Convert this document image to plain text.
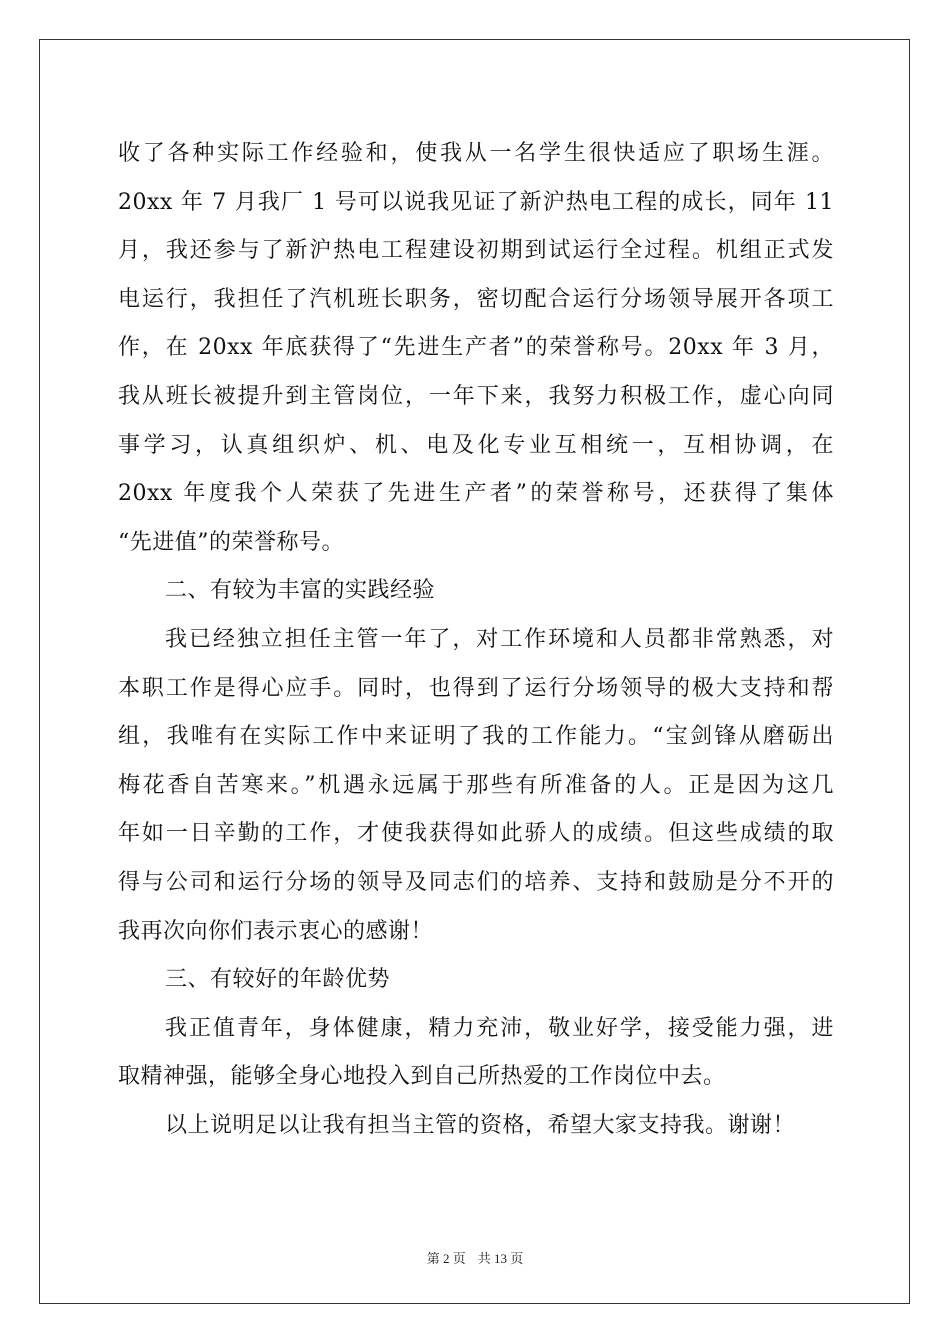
收了各种实际工作经验和，使我从一名学生很快适应了职场生涯。
20xx 年 7 月我厂 1 号可以说我见证了新沪热电工程的成长，同年 11
月，我还参与了新沪热电工程建设初期到试运行全过程。机组正式发
电运行，我担任了汽机班长职务，密切配合运行分场领导展开各项工
作，在 20xx 年底获得了“先进生产者”的荣誉称号。20xx 年 3 月，
我从班长被提升到主管岗位，一年下来，我努力积极工作，虚心向同
事学习，认真组织炉、机、电及化专业互相统一，互相协调，在
20xx 年度我个人荣获了先进生产者”的荣誉称号，还获得了集体
“先进值”的荣誉称号。
二、有较为丰富的实践经验
我已经独立担任主管一年了，对工作环境和人员都非常熟悉，对
本职工作是得心应手。同时，也得到了运行分场领导的极大支持和帮
组，我唯有在实际工作中来证明了我的工作能力。“宝剑锋从磨砺出
梅花香自苦寒来。”机遇永远属于那些有所准备的人。正是因为这几
年如一日辛勤的工作，才使我获得如此骄人的成绩。但这些成绩的取
得与公司和运行分场的领导及同志们的培养、支持和鼓励是分不开的
我再次向你们表示衷心的感谢！
三、有较好的年龄优势
我正值青年，身体健康，精力充沛，敬业好学，接受能力强，进
取精神强，能够全身心地投入到自己所热爱的工作岗位中去。
以上说明足以让我有担当主管的资格，希望大家支持我。谢谢！
第 2 页 共 13 页
